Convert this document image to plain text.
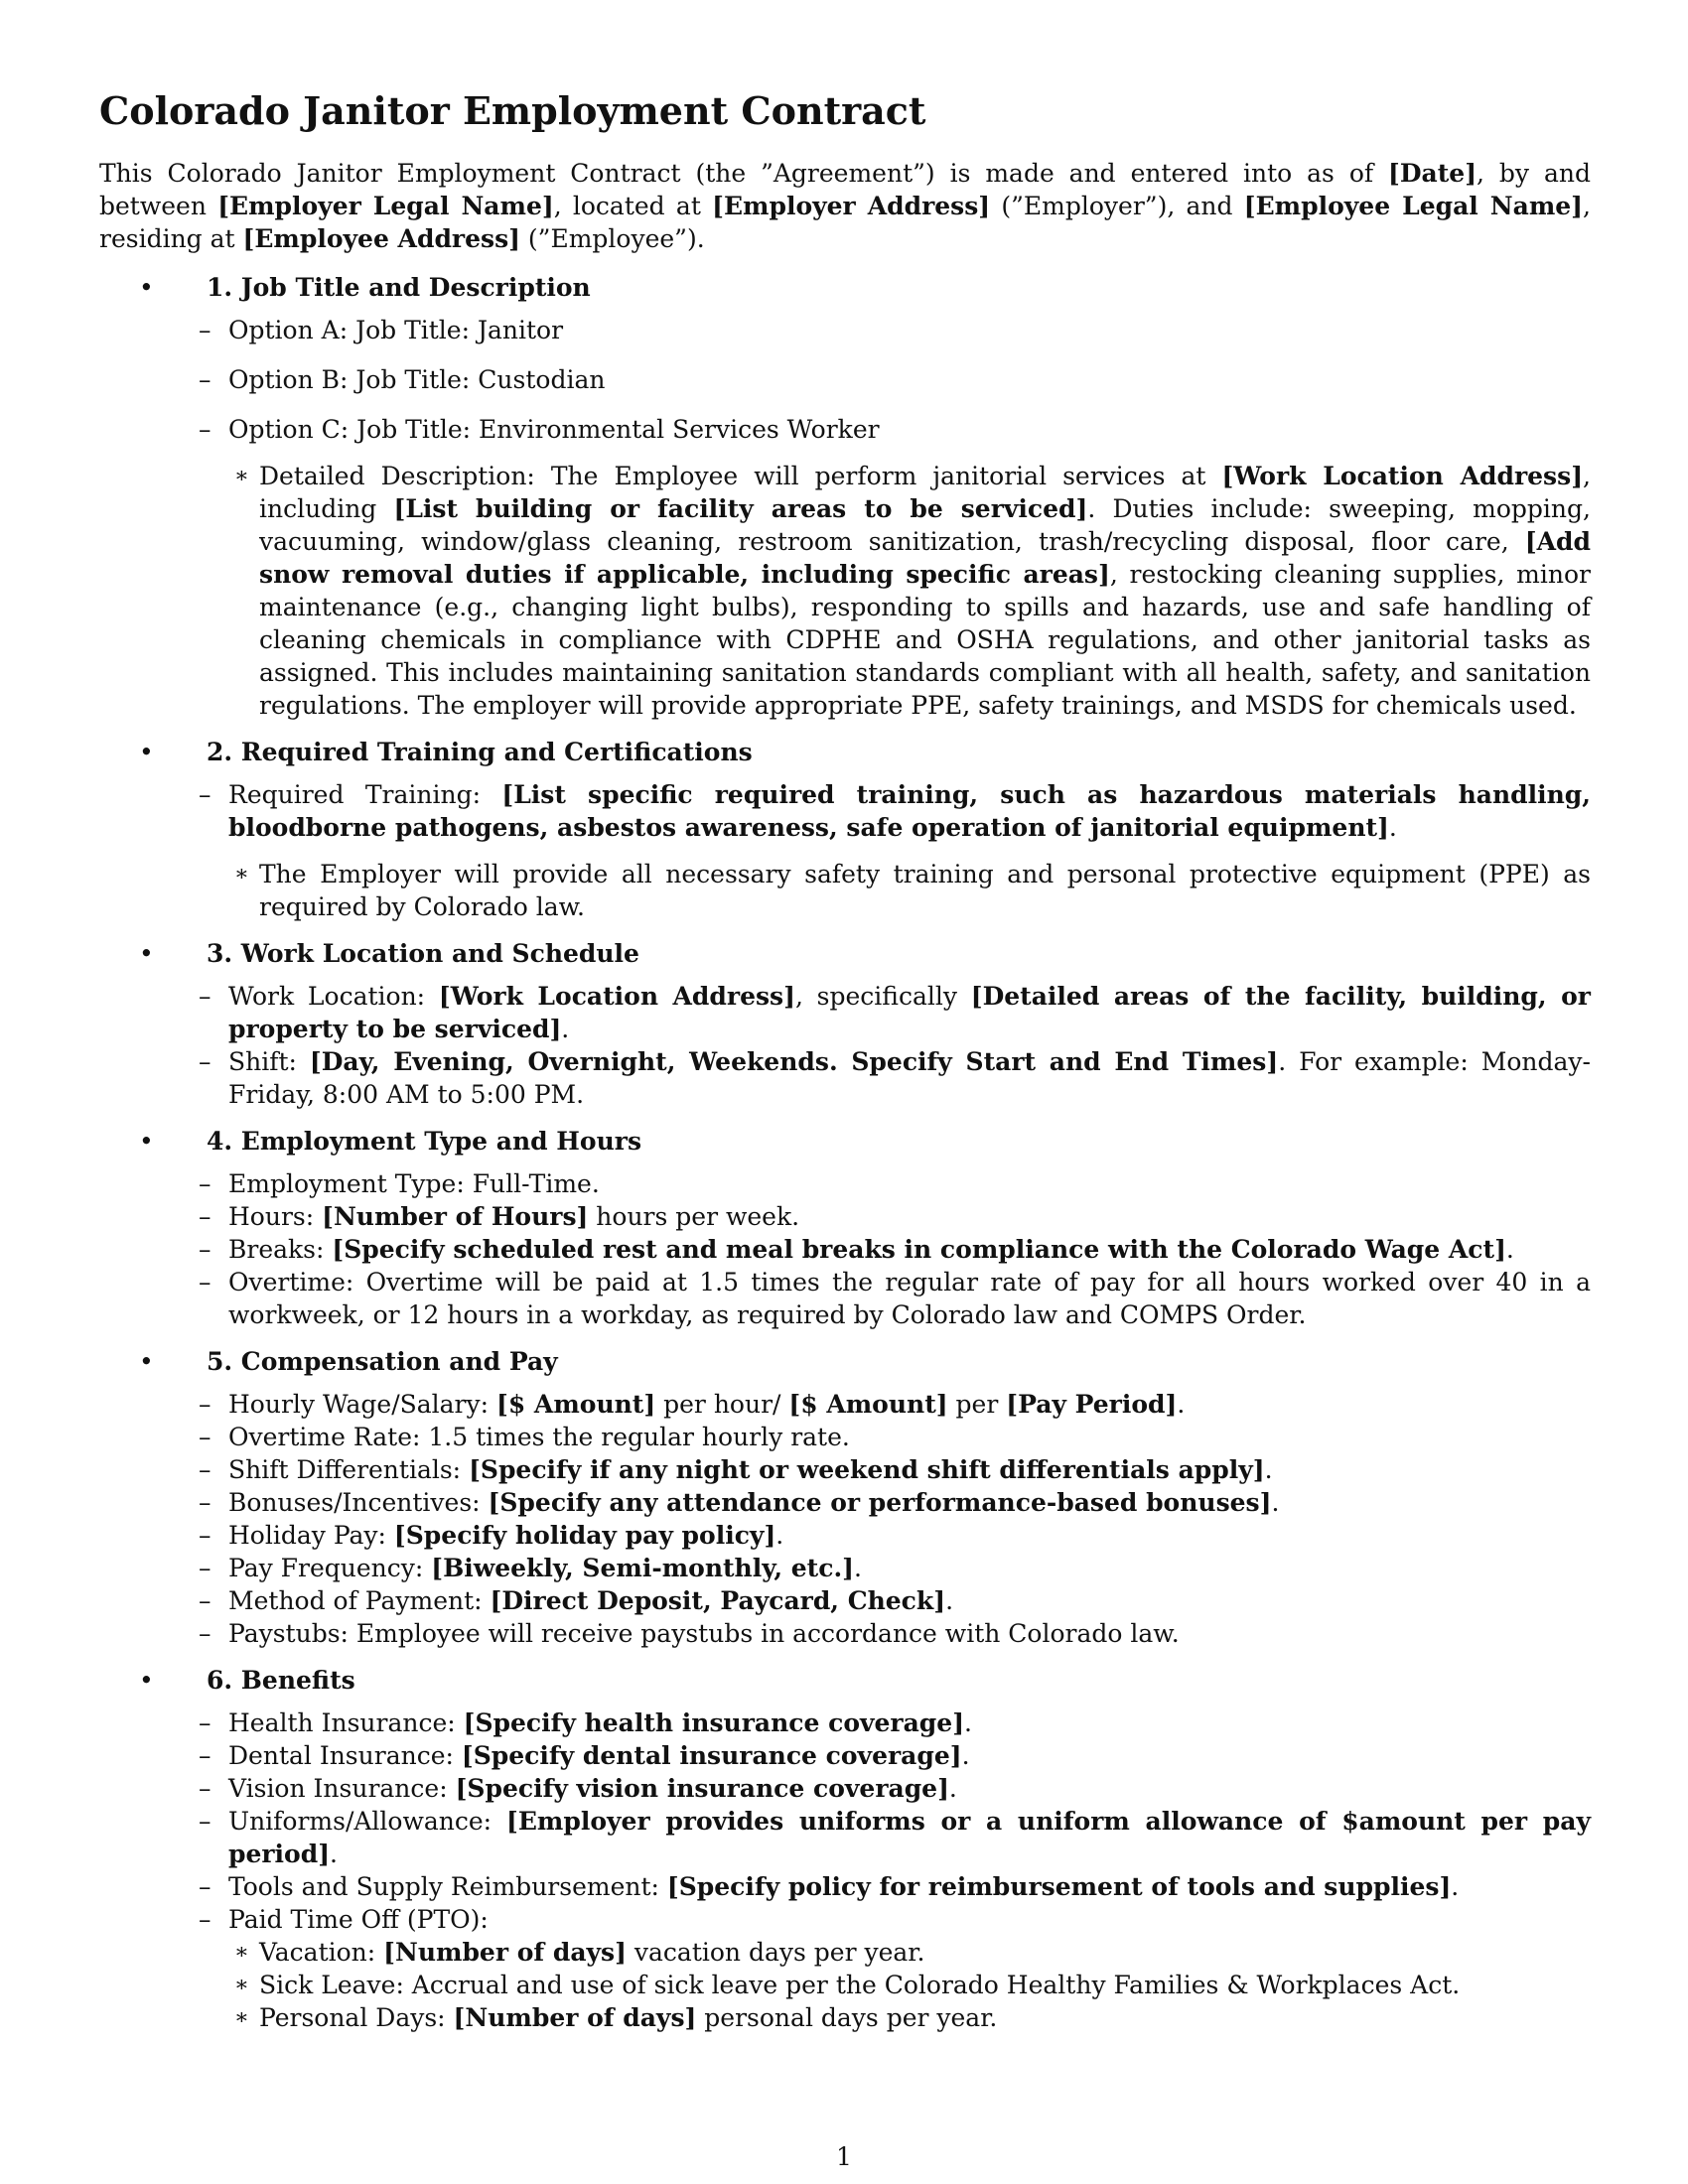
Colorado Janitor Employment Contract

This Colorado Janitor Employment Contract (the ”Agreement”) is made and entered into as of [Date], by and between [Employer Legal Name], located at [Employer Address] (”Employer”), and [Employee Legal Name], residing at [Employee Address] (”Employee”).

• 1. Job Title and Description
– Option A: Job Title: Janitor
– Option B: Job Title: Custodian
– Option C: Job Title: Environmental Services Worker
∗ Detailed Description: The Employee will perform janitorial services at [Work Location Address], including [List building or facility areas to be serviced]. Duties include: sweeping, mopping, vacuuming, window/glass cleaning, restroom sanitization, trash/recycling disposal, floor care, [Add snow removal duties if applicable, including specific areas], restocking cleaning supplies, minor maintenance (e.g., changing light bulbs), responding to spills and hazards, use and safe handling of cleaning chemicals in compliance with CDPHE and OSHA regulations, and other janitorial tasks as assigned. This includes maintaining sanitation standards compliant with all health, safety, and sanitation regulations. The employer will provide appropriate PPE, safety trainings, and MSDS for chemicals used.
• 2. Required Training and Certifications
– Required Training: [List specific required training, such as hazardous materials handling, bloodborne pathogens, asbestos awareness, safe operation of janitorial equipment].
∗ The Employer will provide all necessary safety training and personal protective equipment (PPE) as required by Colorado law.
• 3. Work Location and Schedule
– Work Location: [Work Location Address], specifically [Detailed areas of the facility, building, or property to be serviced].
– Shift: [Day, Evening, Overnight, Weekends. Specify Start and End Times]. For example: Monday-Friday, 8:00 AM to 5:00 PM.
• 4. Employment Type and Hours
– Employment Type: Full-Time.
– Hours: [Number of Hours] hours per week.
– Breaks: [Specify scheduled rest and meal breaks in compliance with the Colorado Wage Act].
– Overtime: Overtime will be paid at 1.5 times the regular rate of pay for all hours worked over 40 in a workweek, or 12 hours in a workday, as required by Colorado law and COMPS Order.
• 5. Compensation and Pay
– Hourly Wage/Salary: [$ Amount] per hour/ [$ Amount] per [Pay Period].
– Overtime Rate: 1.5 times the regular hourly rate.
– Shift Differentials: [Specify if any night or weekend shift differentials apply].
– Bonuses/Incentives: [Specify any attendance or performance-based bonuses].
– Holiday Pay: [Specify holiday pay policy].
– Pay Frequency: [Biweekly, Semi-monthly, etc.].
– Method of Payment: [Direct Deposit, Paycard, Check].
– Paystubs: Employee will receive paystubs in accordance with Colorado law.
• 6. Benefits
– Health Insurance: [Specify health insurance coverage].
– Dental Insurance: [Specify dental insurance coverage].
– Vision Insurance: [Specify vision insurance coverage].
– Uniforms/Allowance: [Employer provides uniforms or a uniform allowance of $amount per pay period].
– Tools and Supply Reimbursement: [Specify policy for reimbursement of tools and supplies].
– Paid Time Off (PTO):
∗ Vacation: [Number of days] vacation days per year.
∗ Sick Leave: Accrual and use of sick leave per the Colorado Healthy Families & Workplaces Act.
∗ Personal Days: [Number of days] personal days per year.
1
